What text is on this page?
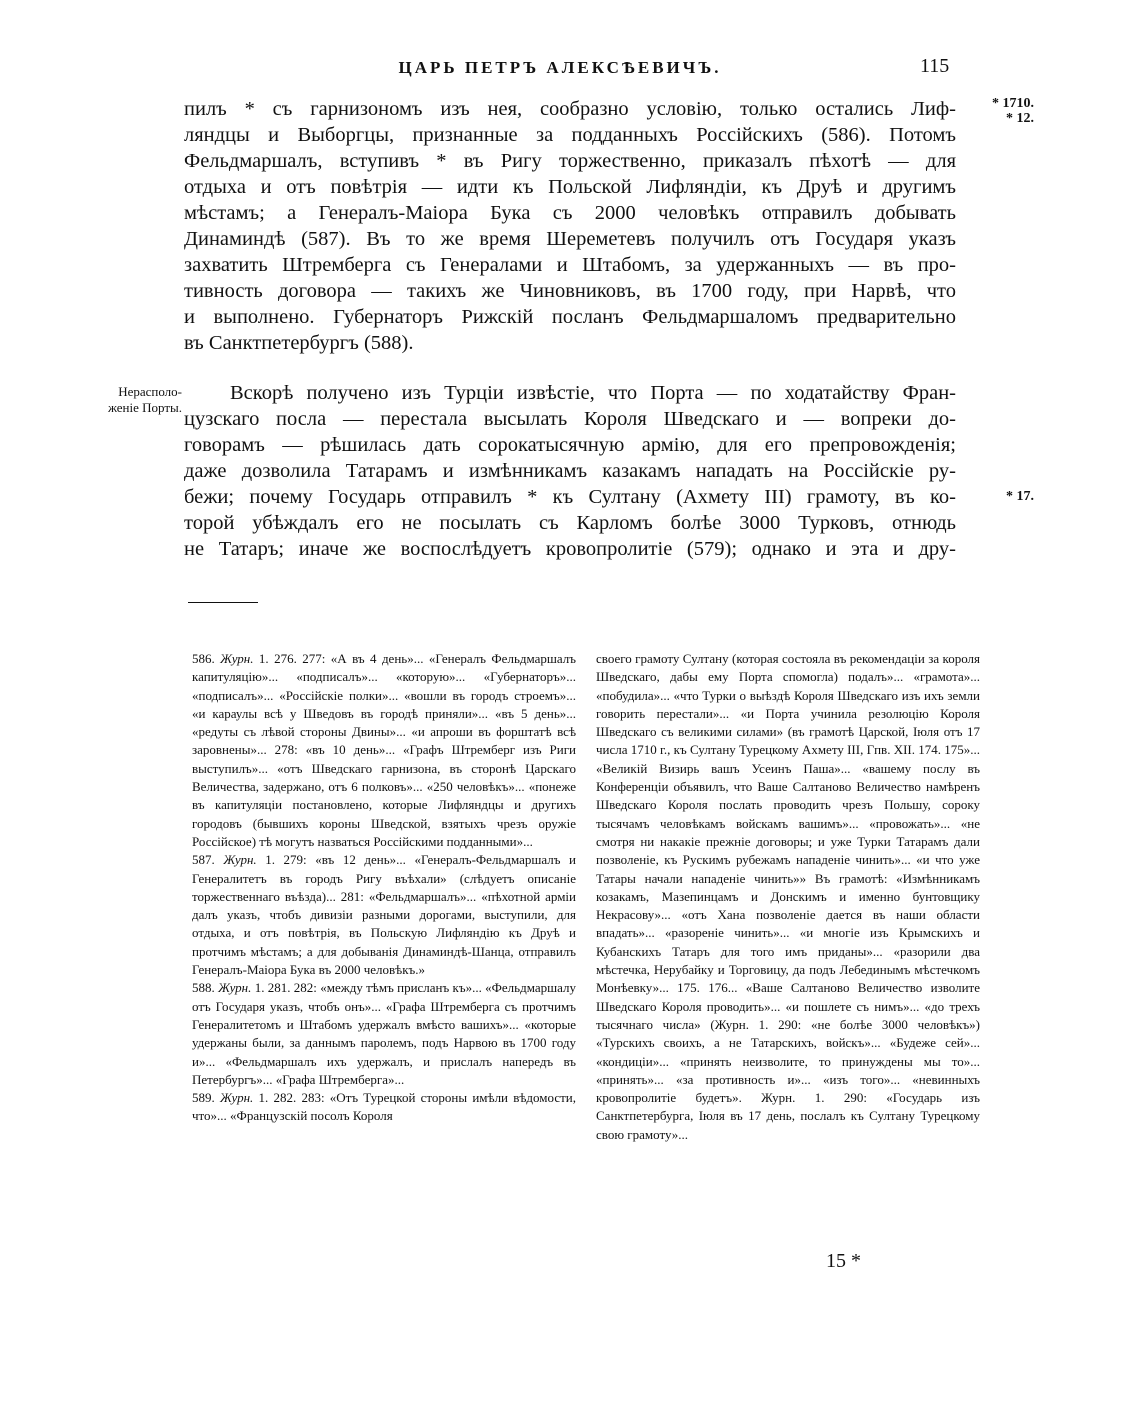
ЦАРЬ ПЕТРЪ АЛЕКСѢЕВИЧЪ.	115
* 1710.
* 12.
* 17.
Нерасполо-
женіе Порты.
пилъ * съ гарнизономъ изъ нея, сообразно условію, только остались Лиф-
ляндцы и Выборгцы, признанные за подданныхъ Россійскихъ (586). Потомъ
Фельдмаршалъ, вступивъ * въ Ригу торжественно, приказалъ пѣхотѣ — для
отдыха и отъ повѣтрія — идти къ Польской Лифляндіи, къ Друѣ и другимъ
мѣстамъ; а Генералъ-Маіора Бука съ 2000 человѣкъ отправилъ добывать
Динаминдѣ (587). Въ то же время Шереметевъ получилъ отъ Государя указъ
захватить Штремберга съ Генералами и Штабомъ, за удержанныхъ — въ про-
тивность договора — такихъ же Чиновниковъ, въ 1700 году, при Нарвѣ, что
и выполнено. Губернаторъ Рижскій посланъ Фельдмаршаломъ предварительно
въ Санктпетербургъ (588).
Вскорѣ получено изъ Турціи извѣстіе, что Порта — по ходатайству Фран-
цузскаго посла — перестала высылать Короля Шведскаго и — вопреки до-
говорамъ — рѣшилась дать сорокатысячную армію, для его препровожденія;
даже дозволила Татарамъ и измѣнникамъ казакамъ нападать на Россійскіе ру-
бежи; почему Государь отправилъ * къ Султану (Ахмету III) грамоту, въ ко-
торой убѣждалъ его не посылать съ Карломъ болѣе 3000 Турковъ, отнюдь
не Татаръ; иначе же воспослѣдуетъ кровопролитіе (579); однако и эта и дру-

586. Журн. 1. 276. 277: «А въ 4 день»... «Генералъ Фельдмаршалъ капитуляцію»... «подписалъ»... «которую»... «Губернаторъ»... «подписалъ»... «Россійскіе полки»... «вошли въ городъ строемъ»... «и караулы всѣ у Шведовъ въ городѣ приняли»... «въ 5 день»... «редуты съ лѣвой стороны Двины»... «и апроши въ форштатѣ всѣ заровнены»... 278: «въ 10 день»... «Графъ Штремберг изъ Риги выступилъ»... «отъ Шведскаго гарнизона, въ сторонѣ Царскаго Величества, задержано, отъ 6 полковъ»... «250 человѣкъ»... «понеже въ капитуляціи постановлено, которые Лифляндцы и другихъ городовъ (бывшихъ короны Шведской, взятыхъ чрезъ оружіе Россійское) тѣ могутъ назваться Россійскими подданными»...

587. Журн. 1. 279: «въ 12 день»... «Генералъ-Фельдмаршалъ и Генералитетъ въ городъ Ригу въѣхали» (слѣдуетъ описаніе торжественнаго въѣзда)... 281: «Фельдмаршалъ»... «пѣхотной арміи далъ указъ, чтобъ дивизіи разными дорогами, выступили, для отдыха, и отъ повѣтрія, въ Польскую Лифляндію къ Друѣ и протчимъ мѣстамъ; а для добыванія Динаминдѣ-Шанца, отправилъ Генералъ-Маіора Бука въ 2000 человѣкъ.»

588. Журн. 1. 281. 282: «между тѣмъ присланъ къ»... «Фельдмаршалу отъ Государя указъ, чтобъ онъ»... «Графа Штремберга съ протчимъ Генералитетомъ и Штабомъ удержалъ вмѣсто вашихъ»... «которые удержаны были, за даннымъ паролемъ, подъ Нарвою въ 1700 году и»... «Фельдмаршалъ ихъ удержалъ, и прислалъ напередъ въ Петербургъ»... «Графа Штремберга»...

589. Журн. 1. 282. 283: «Отъ Турецкой стороны имѣли вѣдомости, что»... «Французскій посолъ Короля

своего грамоту Султану (которая состояла въ рекомендаціи за короля Шведскаго, дабы ему Порта спомогла) подалъ»... «грамота»... «побудила»... «что Турки о выѣздѣ Короля Шведскаго изъ ихъ земли говорить перестали»... «и Порта учинила резолюцію Короля Шведскаго съ великими силами» (въ грамотѣ Царской, Іюля отъ 17 числа 1710 г., къ Султану Турецкому Ахмету III, Гпв. XII. 174. 175»... «Великій Визирь вашъ Усеинъ Паша»... «вашему послу въ Конференціи объявилъ, что Ваше Салтаново Величество намѣренъ Шведскаго Короля послать проводить чрезъ Польшу, сороку тысячамъ человѣкамъ войскамъ вашимъ»... «провожать»... «не смотря ни накакіе прежніе договоры; и уже Турки Татарамъ дали позволеніе, къ Рускимъ рубежамъ нападеніе чинить»... «и что уже Татары начали нападеніе чинить»» Въ грамотѣ: «Измѣнникамъ козакамъ, Мазепинцамъ и Донскимъ и именно бунтовщику Некрасову»... «отъ Хана позволеніе дается въ наши области впадать»... «разореніе чинить»... «и многіе изъ Крымскихъ и Кубанскихъ Татаръ для того имъ приданы»... «разорили два мѣстечка, Нерубайку и Торговицу, да подъ Лебединымъ мѣстечкомъ Монѣевку»... 175. 176... «Ваше Салтаново Величество изволите Шведскаго Короля проводить»... «и пошлете съ нимъ»... «до трехъ тысячнаго числа» (Журн. 1. 290: «не болѣе 3000 человѣкъ») «Турскихъ своихъ, а не Татарскихъ, войскъ»... «Будеже сей»... «кондиціи»... «принять неизволите, то принуждены мы то»... «принять»... «за противность и»... «изъ того»... «невинныхъ кровопролитіе будетъ». Журн. 1. 290: «Государь изъ Санктпетербурга, Іюля въ 17 день, послалъ къ Султану Турецкому свою грамоту»...

15 *
